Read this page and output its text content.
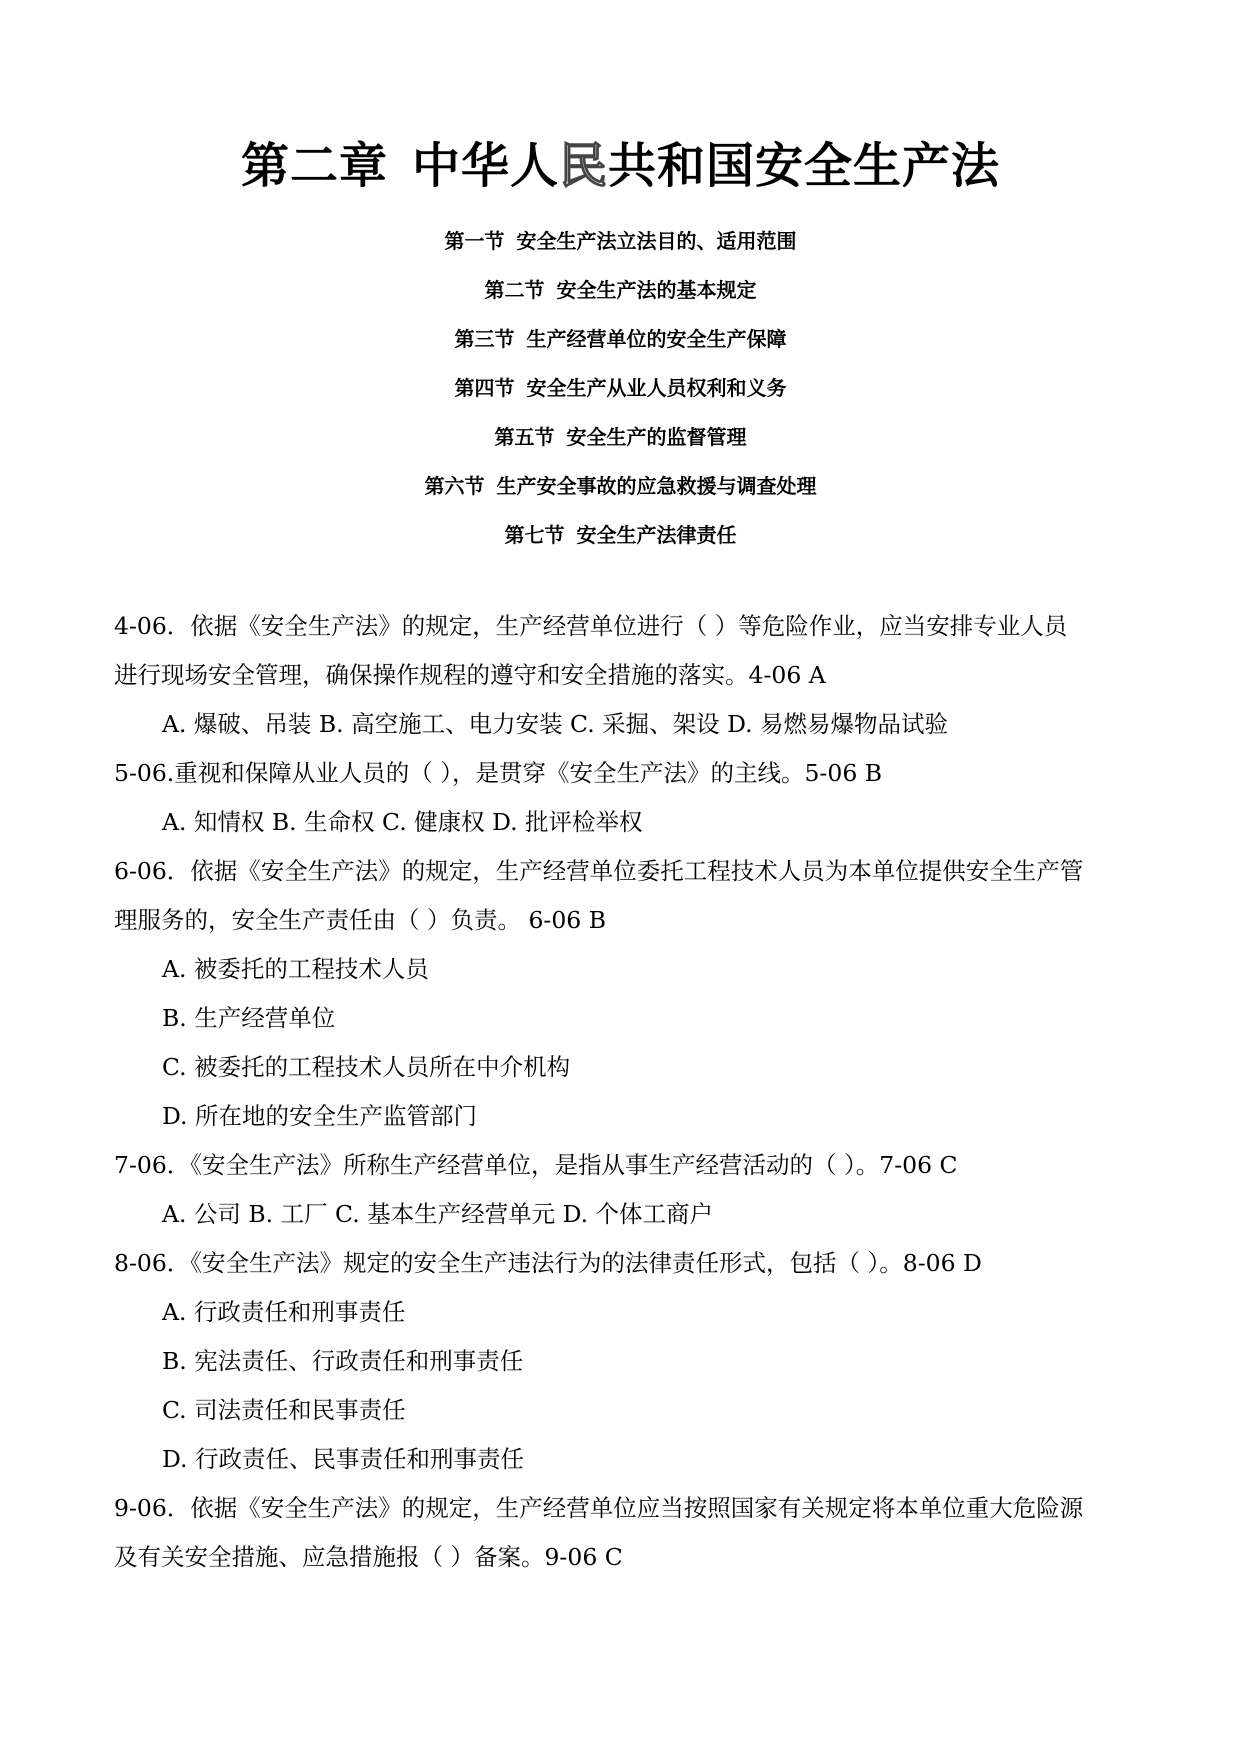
第二章 中华人民共和国安全生产法
第一节 安全生产法立法目的、适用范围
第二节 安全生产法的基本规定
第三节 生产经营单位的安全生产保障
第四节 安全生产从业人员权利和义务
第五节 安全生产的监督管理
第六节 生产安全事故的应急救援与调查处理
第七节 安全生产法律责任
4-06．依据《安全生产法》的规定，生产经营单位进行（ ）等危险作业，应当安排专业人员
进行现场安全管理，确保操作规程的遵守和安全措施的落实。4-06 A
A. 爆破、吊装 B. 高空施工、电力安装 C. 采掘、架设 D. 易燃易爆物品试验
5-06.重视和保障从业人员的（ ），是贯穿《安全生产法》的主线。5-06 B
A. 知情权 B. 生命权 C. 健康权 D. 批评检举权
6-06．依据《安全生产法》的规定，生产经营单位委托工程技术人员为本单位提供安全生产管
理服务的，安全生产责任由（ ）负责。 6-06 B
A. 被委托的工程技术人员
B. 生产经营单位
C. 被委托的工程技术人员所在中介机构
D. 所在地的安全生产监管部门
7-06．《安全生产法》所称生产经营单位，是指从事生产经营活动的（ ）。7-06 C
A. 公司 B. 工厂 C. 基本生产经营单元 D. 个体工商户
8-06．《安全生产法》规定的安全生产违法行为的法律责任形式，包括（ ）。8-06 D
A. 行政责任和刑事责任
B. 宪法责任、行政责任和刑事责任
C. 司法责任和民事责任
D. 行政责任、民事责任和刑事责任
9-06．依据《安全生产法》的规定，生产经营单位应当按照国家有关规定将本单位重大危险源
及有关安全措施、应急措施报（ ）备案。9-06 C
